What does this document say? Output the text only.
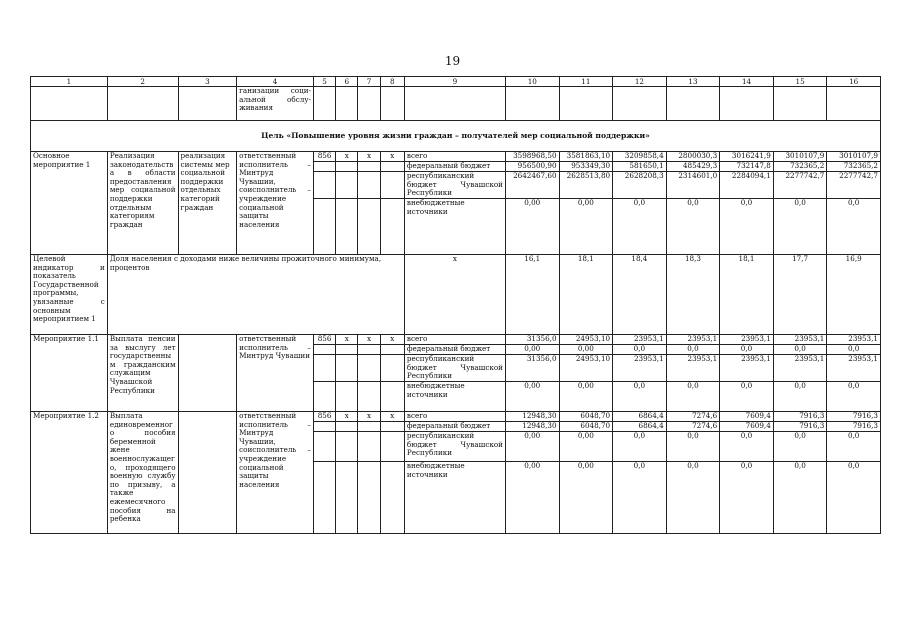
19
1	2	3	4	5	6	7	8	9	10	11	12	13	14	15	16
			ганизации соци-альной обслу-живания												
Цель «Повышение уровня жизни граждан – получателей мер социальной поддержки»															
Основное мероприятие 1	Реализация законодательства в области предоставления мер социальной поддержки отдельным категориям граждан	реализация системы мер социальной поддержки отдельных категорий граждан	ответственный исполнитель – Минтруд Чувашии, соисполнитель – учреждение социальной защиты населения	856	х	х	х	всего	3598968,50	3581863,10	3209858,4	2800030,3	3016241,9	3010107,9	3010107,9
								федеральный бюджет	956500,90	953349,30	581650,1	485429,3	732147,8	732365,2	732365,2
								республиканский бюджет Чувашской Республики	2642467,60	2628513,80	2628208,3	2314601,0	2284094,1	2277742,7	2277742,7
								внебюджетные источники	0,00	0,00	0,0	0,0	0,0	0,0	0,0
Целевой индикатор и показатель Государственной программы, увязанные с основным мероприятием 1	Доля населения с доходами ниже величины прожиточного минимума, процентов							х	16,1	18,1	18,4	18,3	18,1	17,7	16,9
Мероприятие 1.1	Выплата пенсии за выслугу лет государственным гражданским служащим Чувашской Республики		ответственный исполнитель – Минтруд Чувашии	856	х	х	х	всего	31356,0	24953,10	23953,1	23953,1	23953,1	23953,1	23953,1
								федеральный бюджет	0,00	0,00	0,0	0,0	0,0	0,0	0,0
								республиканский бюджет Чувашской Республики	31356,0	24953,10	23953,1	23953,1	23953,1	23953,1	23953,1
								внебюджетные источники	0,00	0,00	0,0	0,0	0,0	0,0	0,0
Мероприятие 1.2	Выплата единовременного пособия беременной жене военнослужащего, проходящего военную службу по призыву, а также ежемесячного пособия на ребенка		ответственный исполнитель – Минтруд Чувашии, соисполнитель – учреждение социальной защиты населения	856	х	х	х	всего	12948,30	6048,70	6864,4	7274,6	7609,4	7916,3	7916,3
								федеральный бюджет	12948,30	6048,70	6864,4	7274,6	7609,4	7916,3	7916,3
								республиканский бюджет Чувашской Республики	0,00	0,00	0,0	0,0	0,0	0,0	0,0
								внебюджетные источники	0,00	0,00	0,0	0,0	0,0	0,0	0,0
